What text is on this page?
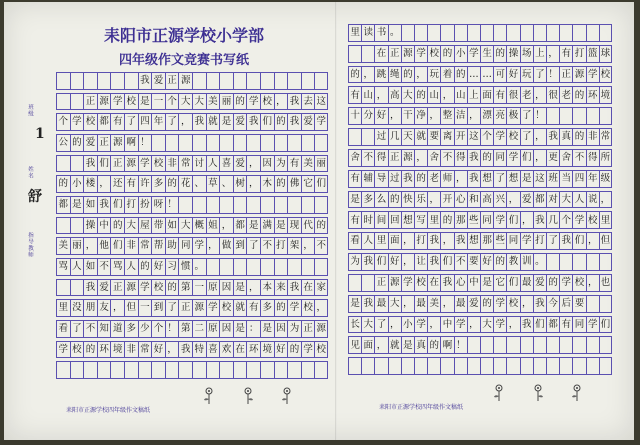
耒阳市正源学校小学部
四年级作文竞赛书写纸
班级
1
姓名
舒
指导教师
我 爱 正 源
正 源 学 校 是 一 个 大 大 美 丽 的 学 校 ， 我 去 这
个 学 校 都 有 了 四 年 了 ， 我 就 是 爱 我 们 的 我 爱 学
公 的 爱 正 源 啊 ！
我 们 正 源 学 校 非 常 讨 人 喜 爱 ， 因 为 有 美 丽
的 小 楼 ， 还 有 许 多 的 花 、 草 、 树 ， 木 的 佛 它 们
都 是 如 我 们 打 扮 呀 ！
操 中 的 大 屋 带 如 大 概 姐 ， 都 是 满 是 现 代 的
美 丽 ， 他 们 非 常 帮 助 同 学 ， 做 到 了 不 打 架 ， 不
骂 人 如 不 骂 人 的 好 习 惯 。
我 爱 正 源 学 校 的 第 一 原 因 是 ， 本 来 我 在 家
里 没 朋 友 ， 但 一 到 了 正 源 学 校 就 有 多 的 学 校 ，
看 了 不 知 道 多 少 个 ！ 第 二 原 因 是 ： 是 因 为 正 源
学 校 的 环 境 非 常 好 ， 我 特 喜 欢 在 环 境 好 的 学 校
里 读 书 。
在 正 源 学 校 的 小 学 生 的 操 场 上 ， 有 打 篮 球
的 ， 跳 绳 的 ， 玩 着 的 … … 可 好 玩 了 ！ 正 源 学 校
有 山 ， 高 大 的 山 ， 山 上 面 有 很 老 ， 很 老 的 环 境
十 分 好 ， 干 净 ， 整 洁 ， 漂 亮 极 了 ！
过 几 天 就 要 离 开 这 个 学 校 了 ， 我 真 的 非 常
舍 不 得 正 源 ， 舍 不 得 我 的 同 学 们 ， 更 舍 不 得 所
有 辅 导 过 我 的 老 师 ， 我 想 了 想 是 这 班 当 四 年 级
是 多 么 的 快 乐 ， 开 心 和 高 兴 ， 爱 都 对 大 人 说 ，
有 时 间 回 想 写 里 的 那 些 同 学 们 ， 我 几 个 学 校 里
看 人 里 面 ， 打 我 ， 我 想 那 些 同 学 打 了 我 们 ， 但
为 我 们 好 ， 让 我 们 不 要 好 的 教 训 。
正 源 学 校 在 我 心 中 是 它 们 最 爱 的 学 校 ， 也
是 我 最 大 ， 最 美 ， 最 爱 的 学 校 ， 我 今 后 要
长 大 了 ， 小 学 ， 中 学 ， 大 学 ， 我 们 都 有 同 学 们
见 面 ， 就 是 真 的 啊 ！

耒阳市正源学校四年级作文稿纸	耒阳市正源学校四年级作文稿纸
